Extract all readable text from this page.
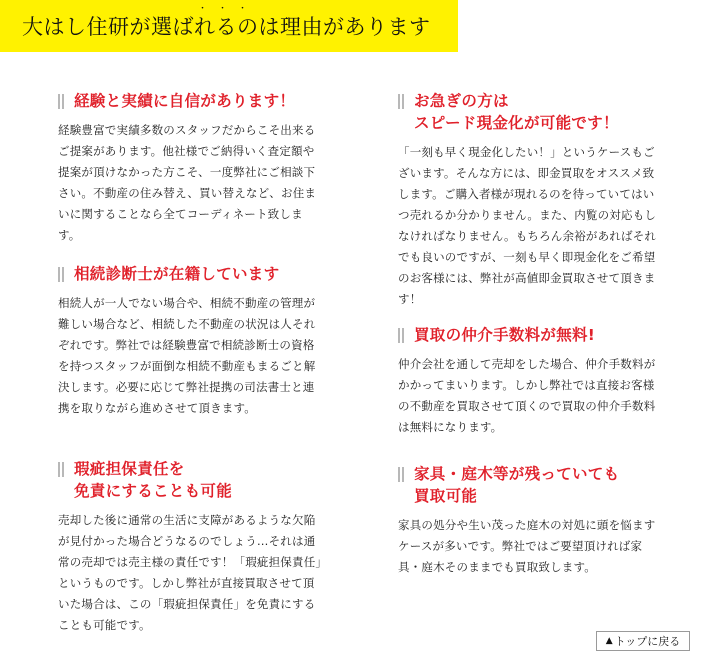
・・・
大はし住研が選ばれるのは理由があります
経験と実績に自信があります！
経験豊富で実績多数のスタッフだからこそ出来るご提案があります。他社様でご納得いく査定額や提案が頂けなかった方こそ、一度弊社にご相談下さい。不動産の住み替え、買い替えなど、お住まいに関することなら全てコーディネート致します。
相続診断士が在籍しています
相続人が一人でない場合や、相続不動産の管理が難しい場合など、相続した不動産の状況は人それぞれです。弊社では経験豊富で相続診断士の資格を持つスタッフが面倒な相続不動産もまるごと解決します。必要に応じて弊社提携の司法書士と連携を取りながら進めさせて頂きます。
瑕疵担保責任を
免責にすることも可能
売却した後に通常の生活に支障があるような欠陥が見付かった場合どうなるのでしょう…それは通常の売却では売主様の責任です！「瑕疵担保責任」というものです。しかし弊社が直接買取させて頂いた場合は、この「瑕疵担保責任」を免責にすることも可能です。
お急ぎの方は
スピード現金化が可能です！
「一刻も早く現金化したい！」というケースもございます。そんな方には、即金買取をオススメ致します。ご購入者様が現れるのを待っていてはいつ売れるか分かりません。また、内覧の対応もしなければなりません。もちろん余裕があればそれでも良いのですが、一刻も早く即現金化をご希望のお客様には、弊社が高値即金買取させて頂きます！
買取の仲介手数料が無料!
仲介会社を通して売却をした場合、仲介手数料がかかってまいります。しかし弊社では直接お客様の不動産を買取させて頂くので買取の仲介手数料は無料になります。
家具・庭木等が残っていても
買取可能
家具の処分や生い茂った庭木の対処に頭を悩ますケースが多いです。弊社ではご要望頂ければ家具・庭木そのままでも買取致します。
▲ トップに戻る
